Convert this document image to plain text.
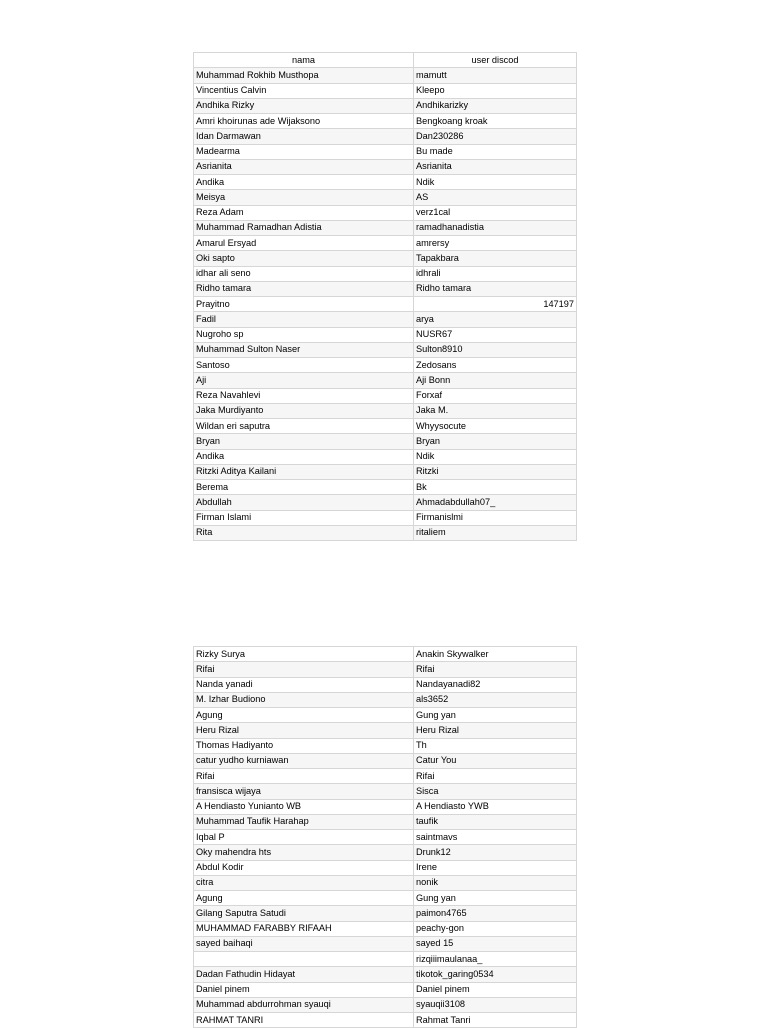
nama	user discod
Muhammad Rokhib Musthopa	mamutt
Vincentius Calvin	Kleepo
Andhika Rizky	Andhikarizky
Amri khoirunas ade Wijaksono	Bengkoang kroak
Idan Darmawan	Dan230286
Madearma	Bu made
Asrianita	Asrianita
Andika	Ndik
Meisya	AS
Reza Adam	verz1cal
Muhammad Ramadhan Adistia	ramadhanadistia
Amarul Ersyad	amrersy
Oki sapto	Tapakbara
idhar ali seno	idhrali
Ridho tamara	Ridho tamara
Prayitno	147197
Fadil	arya
Nugroho sp	NUSR67
Muhammad Sulton Naser	Sulton8910
Santoso	Zedosans
Aji	Aji Bonn
Reza Navahlevi	Forxaf
Jaka Murdiyanto	Jaka M.
Wildan eri saputra	Whyysocute
Bryan	Bryan
Andika	Ndik
Ritzki Aditya Kailani	Ritzki
Berema	Bk
Abdullah	Ahmadabdullah07_
Firman Islami	Firmanislmi
Rita	ritaliem
Rizky Surya	Anakin Skywalker
Rifai	Rifai
Nanda yanadi	Nandayanadi82
M. Izhar Budiono	als3652
Agung	Gung yan
Heru Rizal	Heru Rizal
Thomas Hadiyanto	Th
catur yudho kurniawan	Catur You
Rifai	Rifai
fransisca wijaya	Sisca
A Hendiasto Yunianto WB	A Hendiasto YWB
Muhammad Taufik Harahap	taufik
Iqbal P	saintmavs
Oky mahendra hts	Drunk12
Abdul Kodir	Irene
citra	nonik
Agung	Gung yan
Gilang Saputra Satudi	paimon4765
MUHAMMAD FARABBY RIFAAH	peachy-gon
sayed baihaqi	sayed 15
	rizqiiimaulanaa_
Dadan Fathudin Hidayat	tikotok_garing0534
Daniel pinem	Daniel pinem
Muhammad abdurrohman syauqi	syauqii3108
RAHMAT TANRI	Rahmat Tanri
